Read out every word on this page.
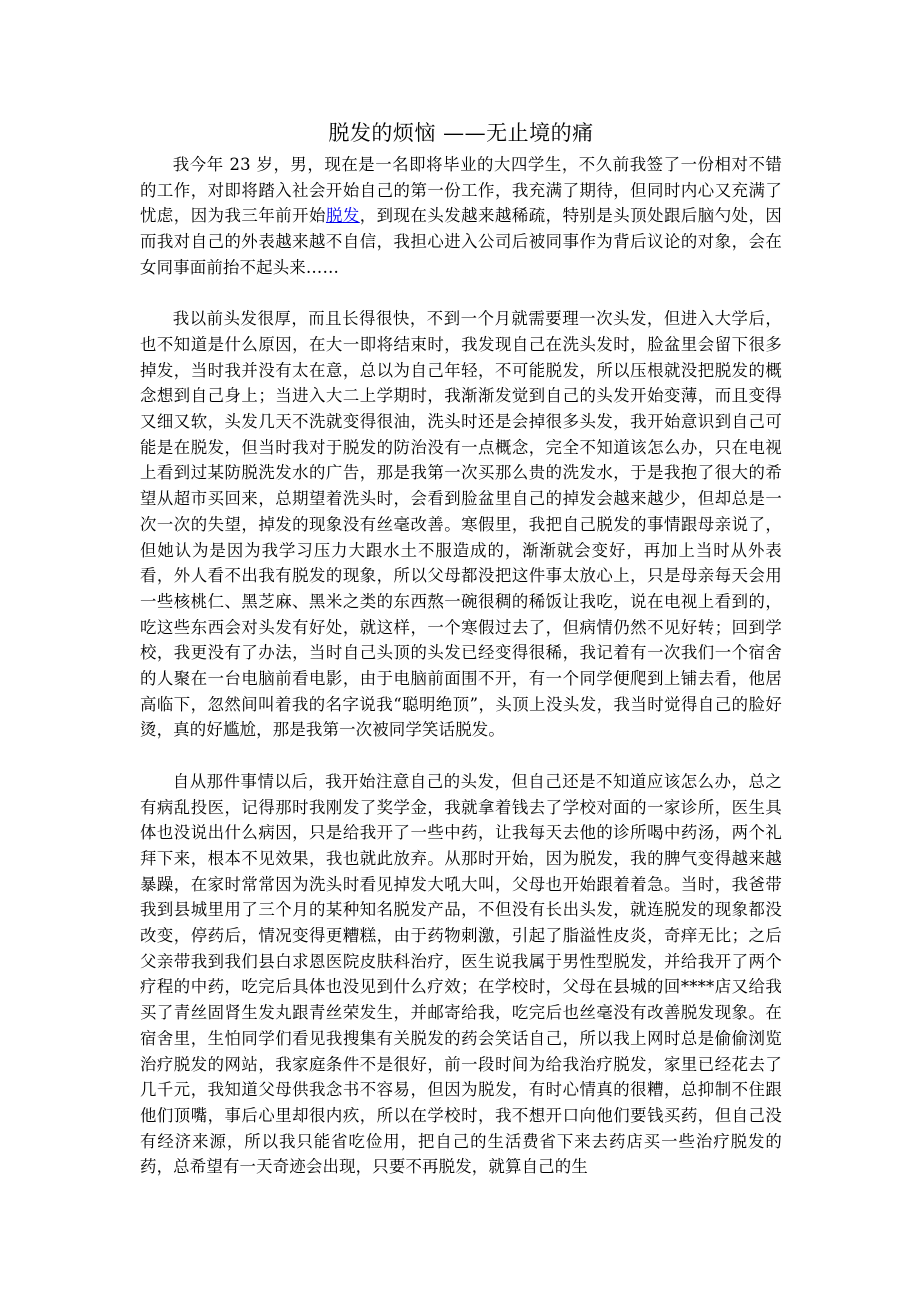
脱发的烦恼 ——无止境的痛

我今年 23 岁，男，现在是一名即将毕业的大四学生，不久前我签了一份相对不错的工作，对即将踏入社会开始自己的第一份工作，我充满了期待，但同时内心又充满了忧虑，因为我三年前开始脱发，到现在头发越来越稀疏，特别是头顶处跟后脑勺处，因而我对自己的外表越来越不自信，我担心进入公司后被同事作为背后议论的对象，会在女同事面前抬不起头来……

我以前头发很厚，而且长得很快，不到一个月就需要理一次头发，但进入大学后，也不知道是什么原因，在大一即将结束时，我发现自己在洗头发时，脸盆里会留下很多掉发，当时我并没有太在意，总以为自己年轻，不可能脱发，所以压根就没把脱发的概念想到自己身上；当进入大二上学期时，我渐渐发觉到自己的头发开始变薄，而且变得又细又软，头发几天不洗就变得很油，洗头时还是会掉很多头发，我开始意识到自己可能是在脱发，但当时我对于脱发的防治没有一点概念，完全不知道该怎么办，只在电视上看到过某防脱洗发水的广告，那是我第一次买那么贵的洗发水，于是我抱了很大的希望从超市买回来，总期望着洗头时，会看到脸盆里自己的掉发会越来越少，但却总是一次一次的失望，掉发的现象没有丝毫改善。寒假里，我把自己脱发的事情跟母亲说了，但她认为是因为我学习压力大跟水土不服造成的，渐渐就会变好，再加上当时从外表看，外人看不出我有脱发的现象，所以父母都没把这件事太放心上，只是母亲每天会用一些核桃仁、黑芝麻、黑米之类的东西熬一碗很稠的稀饭让我吃，说在电视上看到的，吃这些东西会对头发有好处，就这样，一个寒假过去了，但病情仍然不见好转；回到学校，我更没有了办法，当时自己头顶的头发已经变得很稀，我记着有一次我们一个宿舍的人聚在一台电脑前看电影，由于电脑前面围不开，有一个同学便爬到上铺去看，他居高临下，忽然间叫着我的名字说我“聪明绝顶”，头顶上没头发，我当时觉得自己的脸好烫，真的好尴尬，那是我第一次被同学笑话脱发。

自从那件事情以后，我开始注意自己的头发，但自己还是不知道应该怎么办，总之有病乱投医，记得那时我刚发了奖学金，我就拿着钱去了学校对面的一家诊所，医生具体也没说出什么病因，只是给我开了一些中药，让我每天去他的诊所喝中药汤，两个礼拜下来，根本不见效果，我也就此放弃。从那时开始，因为脱发，我的脾气变得越来越暴躁，在家时常常因为洗头时看见掉发大吼大叫，父母也开始跟着着急。当时，我爸带我到县城里用了三个月的某种知名脱发产品，不但没有长出头发，就连脱发的现象都没改变，停药后，情况变得更糟糕，由于药物刺激，引起了脂溢性皮炎，奇痒无比；之后父亲带我到我们县白求恩医院皮肤科治疗，医生说我属于男性型脱发，并给我开了两个疗程的中药，吃完后具体也没见到什么疗效；在学校时，父母在县城的回****店又给我买了青丝固肾生发丸跟青丝荣发生，并邮寄给我，吃完后也丝毫没有改善脱发现象。在宿舍里，生怕同学们看见我搜集有关脱发的药会笑话自己，所以我上网时总是偷偷浏览治疗脱发的网站，我家庭条件不是很好，前一段时间为给我治疗脱发，家里已经花去了几千元，我知道父母供我念书不容易，但因为脱发，有时心情真的很糟，总抑制不住跟他们顶嘴，事后心里却很内疚，所以在学校时，我不想开口向他们要钱买药，但自己没有经济来源，所以我只能省吃俭用，把自己的生活费省下来去药店买一些治疗脱发的药，总希望有一天奇迹会出现，只要不再脱发，就算自己的生
